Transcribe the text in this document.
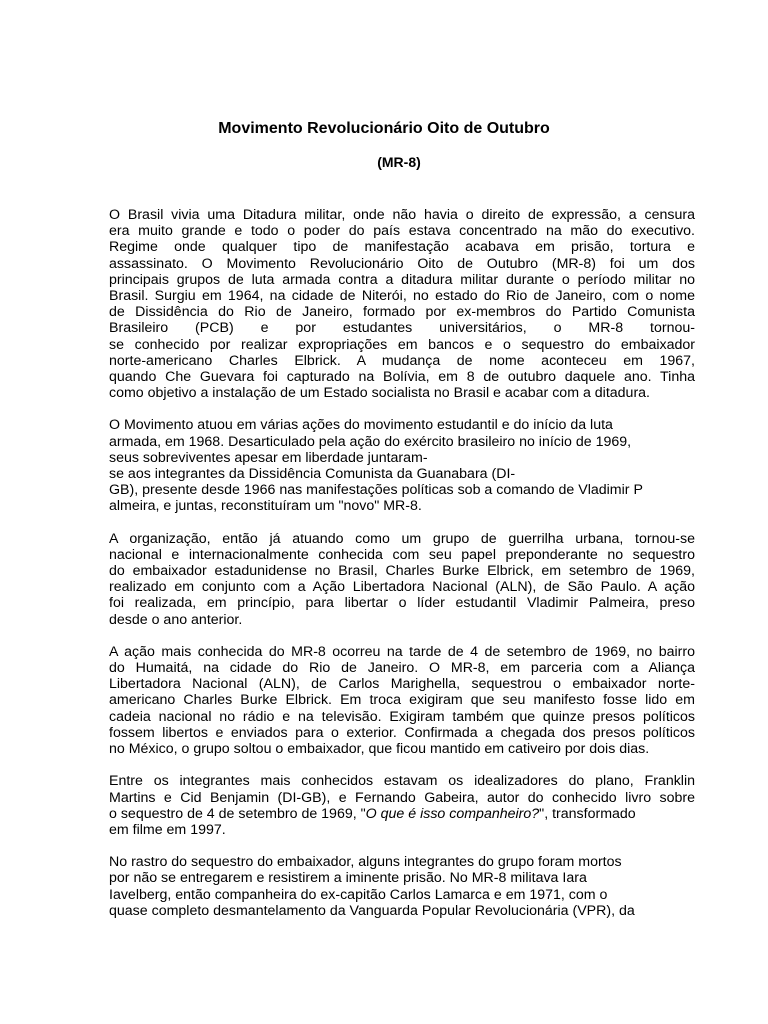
Movimento Revolucionário Oito de Outubro
(MR-8)

O Brasil vivia uma Ditadura militar, onde não havia o direito de expressão, a censura
era muito grande e todo o poder do país estava concentrado na mão do executivo.
Regime onde qualquer tipo de manifestação acabava em prisão, tortura e
assassinato. O Movimento Revolucionário Oito de Outubro (MR-8) foi um dos
principais grupos de luta armada contra a ditadura militar durante o período militar no
Brasil. Surgiu em 1964, na cidade de Niterói, no estado do Rio de Janeiro, com o nome
de Dissidência do Rio de Janeiro, formado por ex-membros do Partido Comunista
Brasileiro (PCB) e por estudantes universitários, o MR-8 tornou-
se conhecido por realizar expropriações em bancos e o sequestro do embaixador
norte-americano Charles Elbrick. A mudança de nome aconteceu em 1967,
quando Che Guevara foi capturado na Bolívia, em 8 de outubro daquele ano. Tinha
como objetivo a instalação de um Estado socialista no Brasil e acabar com a ditadura.

O Movimento atuou em várias ações do movimento estudantil e do início da luta
armada, em 1968. Desarticulado pela ação do exército brasileiro no início de 1969,
seus sobreviventes apesar em liberdade juntaram-
se aos integrantes da Dissidência Comunista da Guanabara (DI-
GB), presente desde 1966 nas manifestações políticas sob a comando de Vladimir P
almeira, e juntas, reconstituíram um "novo" MR-8.

A organização, então já atuando como um grupo de guerrilha urbana, tornou-se
nacional e internacionalmente conhecida com seu papel preponderante no sequestro
do embaixador estadunidense no Brasil, Charles Burke Elbrick, em setembro de 1969,
realizado em conjunto com a Ação Libertadora Nacional (ALN), de São Paulo. A ação
foi realizada, em princípio, para libertar o líder estudantil Vladimir Palmeira, preso
desde o ano anterior.

A ação mais conhecida do MR-8 ocorreu na tarde de 4 de setembro de 1969, no bairro
do Humaitá, na cidade do Rio de Janeiro. O MR-8, em parceria com a Aliança
Libertadora Nacional (ALN), de Carlos Marighella, sequestrou o embaixador norte-
americano Charles Burke Elbrick. Em troca exigiram que seu manifesto fosse lido em
cadeia nacional no rádio e na televisão. Exigiram também que quinze presos políticos
fossem libertos e enviados para o exterior. Confirmada a chegada dos presos políticos
no México, o grupo soltou o embaixador, que ficou mantido em cativeiro por dois dias.

Entre os integrantes mais conhecidos estavam os idealizadores do plano, Franklin
Martins e Cid Benjamin (DI-GB), e Fernando Gabeira, autor do conhecido livro sobre
o sequestro de 4 de setembro de 1969, "O que é isso companheiro?", transformado
em filme em 1997.

No rastro do sequestro do embaixador, alguns integrantes do grupo foram mortos
por não se entregarem e resistirem a iminente prisão. No MR-8 militava Iara
Iavelberg, então companheira do ex-capitão Carlos Lamarca e em 1971, com o
quase completo desmantelamento da Vanguarda Popular Revolucionária (VPR), da
